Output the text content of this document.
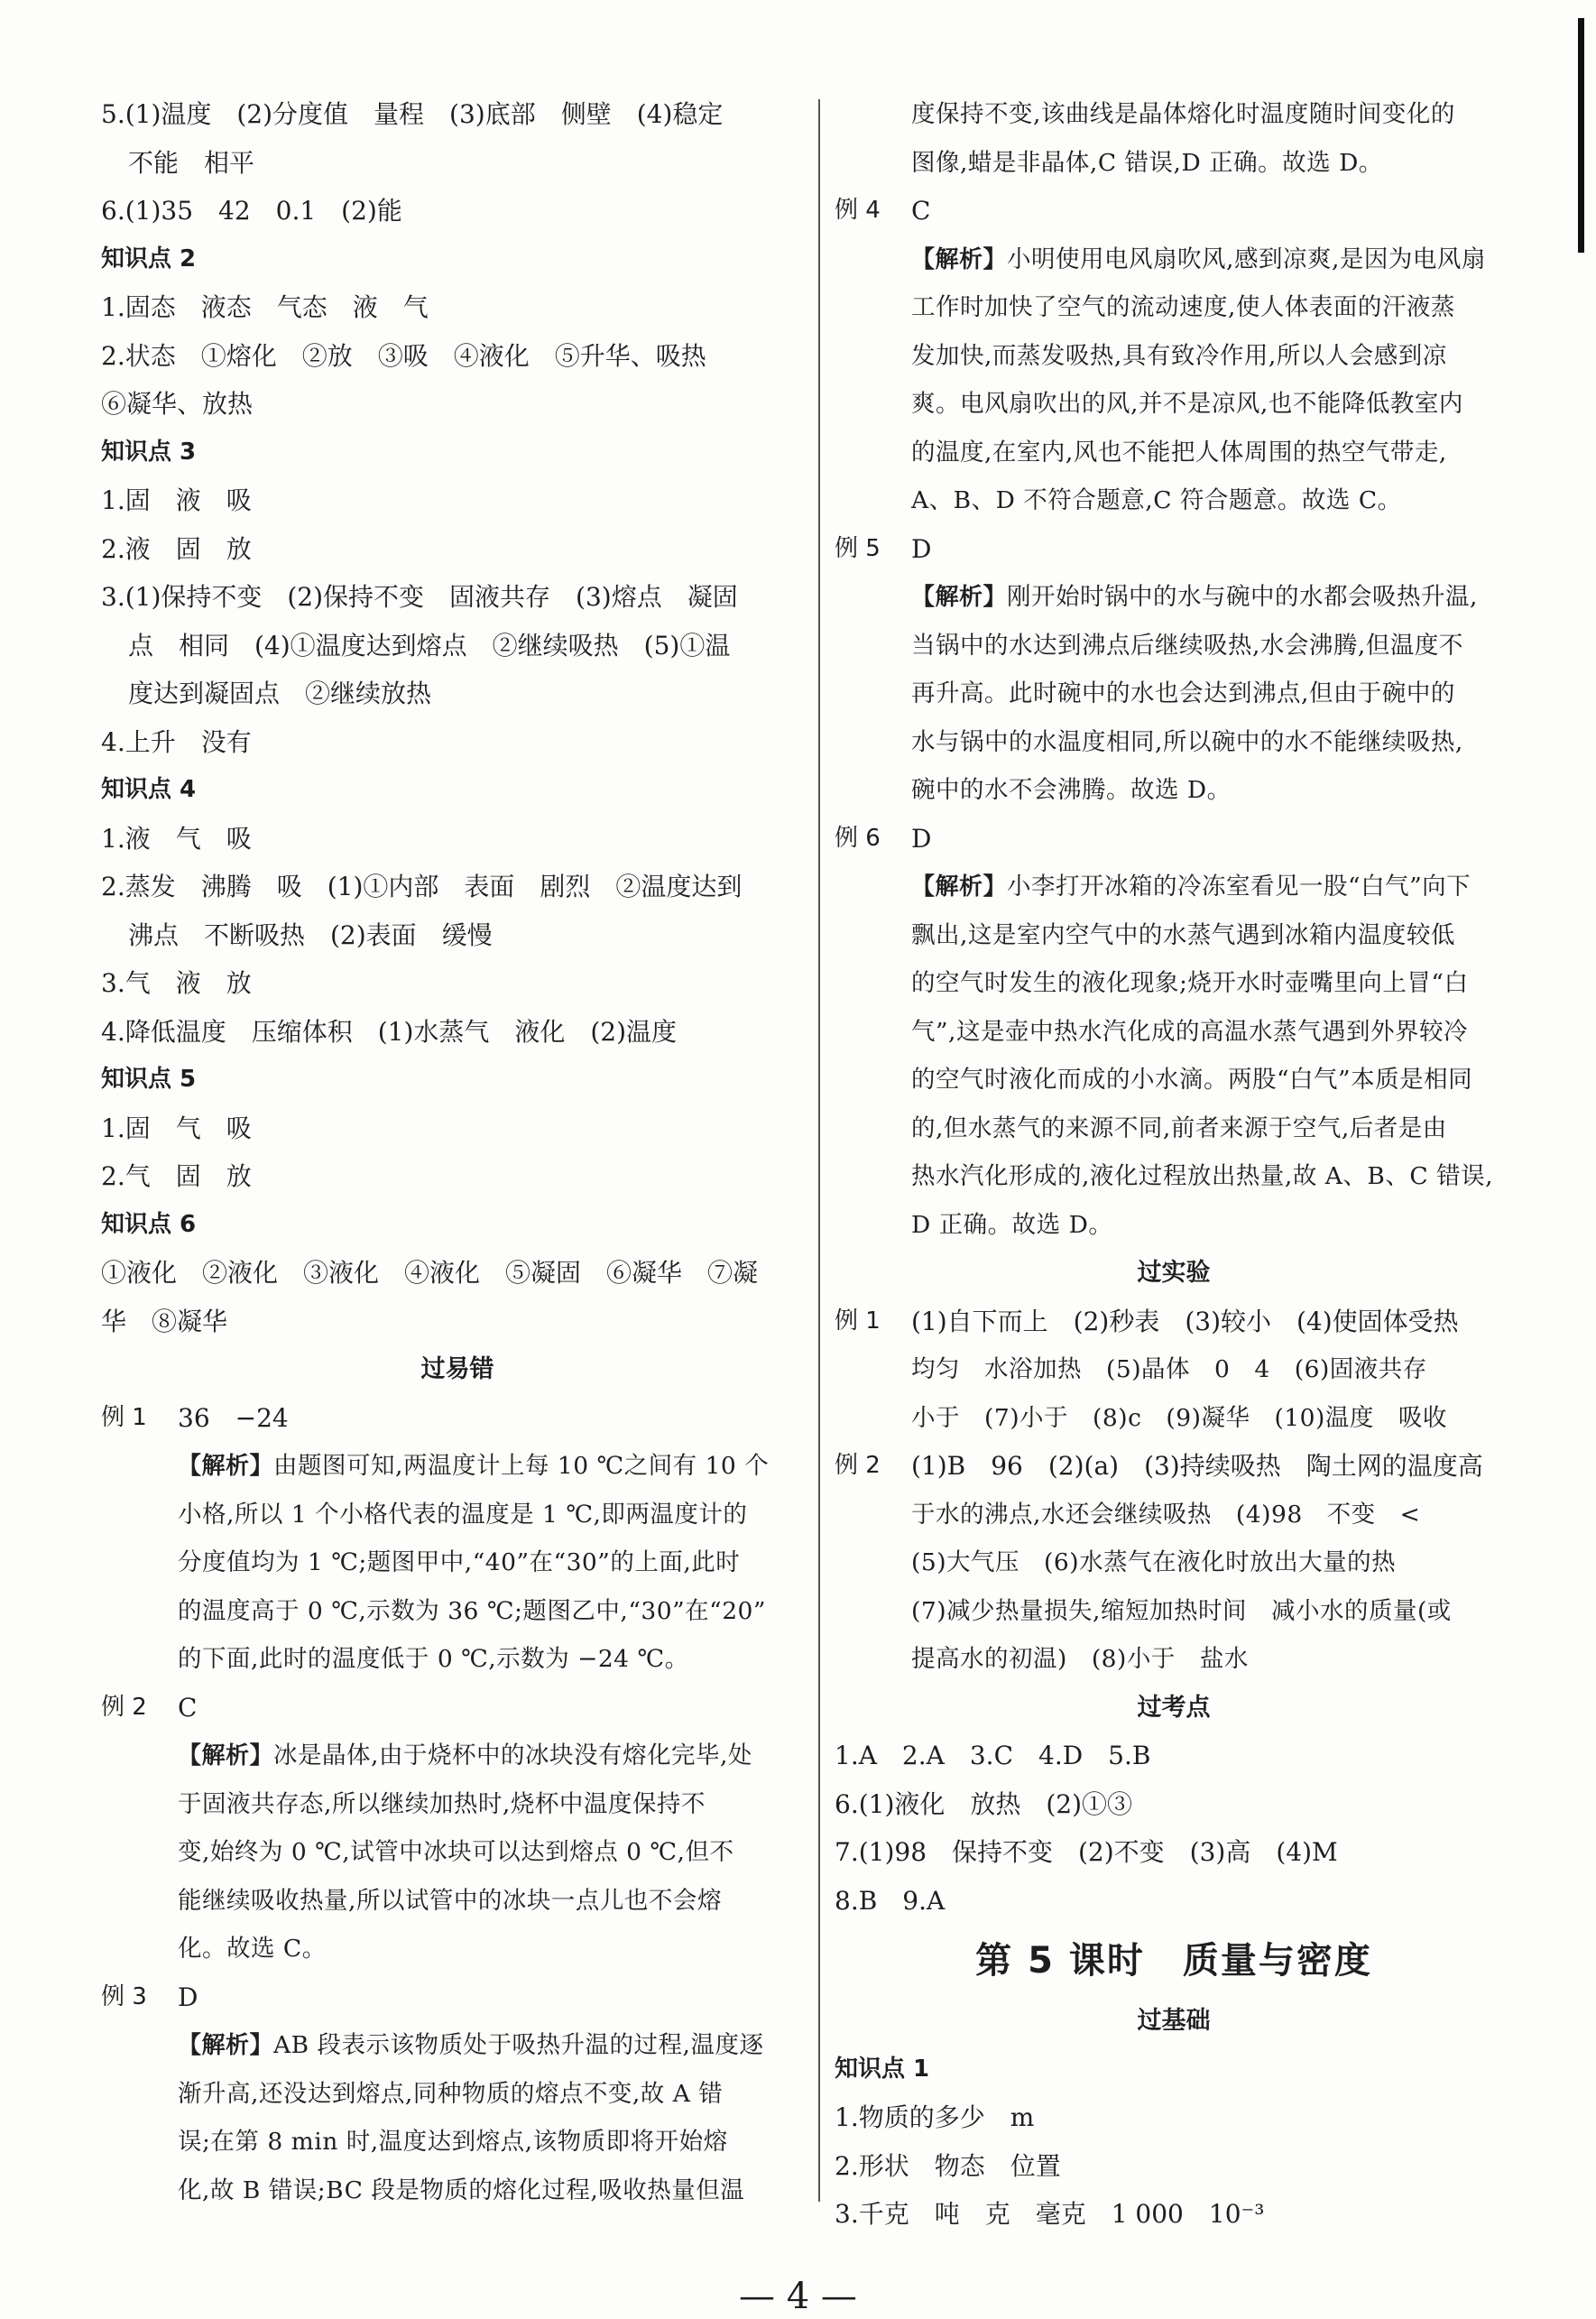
5.(1)温度　(2)分度值　量程　(3)底部　侧壁　(4)稳定
不能　相平
6.(1)35　42　0.1　(2)能
知识点 2
1.固态　液态　气态　液　气
2.状态　①熔化　②放　③吸　④液化　⑤升华、吸热
⑥凝华、放热
知识点 3
1.固　液　吸
2.液　固　放
3.(1)保持不变　(2)保持不变　固液共存　(3)熔点　凝固
点　相同　(4)①温度达到熔点　②继续吸热　(5)①温
度达到凝固点　②继续放热
4.上升　没有
知识点 4
1.液　气　吸
2.蒸发　沸腾　吸　(1)①内部　表面　剧烈　②温度达到
沸点　不断吸热　(2)表面　缓慢
3.气　液　放
4.降低温度　压缩体积　(1)水蒸气　液化　(2)温度
知识点 5
1.固　气　吸
2.气　固　放
知识点 6
①液化　②液化　③液化　④液化　⑤凝固　⑥凝华　⑦凝
华　⑧凝华
过易错
例 1	36　−24
【解析】由题图可知,两温度计上每 10 ℃之间有 10 个
小格,所以 1 个小格代表的温度是 1 ℃,即两温度计的
分度值均为 1 ℃;题图甲中,“40”在“30”的上面,此时
的温度高于 0 ℃,示数为 36 ℃;题图乙中,“30”在“20”
的下面,此时的温度低于 0 ℃,示数为 −24 ℃。
例 2	C
【解析】冰是晶体,由于烧杯中的冰块没有熔化完毕,处
于固液共存态,所以继续加热时,烧杯中温度保持不
变,始终为 0 ℃,试管中冰块可以达到熔点 0 ℃,但不
能继续吸收热量,所以试管中的冰块一点儿也不会熔
化。故选 C。
例 3	D
【解析】AB 段表示该物质处于吸热升温的过程,温度逐
渐升高,还没达到熔点,同种物质的熔点不变,故 A 错
误;在第 8 min 时,温度达到熔点,该物质即将开始熔
化,故 B 错误;BC 段是物质的熔化过程,吸收热量但温
度保持不变,该曲线是晶体熔化时温度随时间变化的
图像,蜡是非晶体,C 错误,D 正确。故选 D。
例 4	C
【解析】小明使用电风扇吹风,感到凉爽,是因为电风扇
工作时加快了空气的流动速度,使人体表面的汗液蒸
发加快,而蒸发吸热,具有致冷作用,所以人会感到凉
爽。电风扇吹出的风,并不是凉风,也不能降低教室内
的温度,在室内,风也不能把人体周围的热空气带走,
A、B、D 不符合题意,C 符合题意。故选 C。
例 5	D
【解析】刚开始时锅中的水与碗中的水都会吸热升温,
当锅中的水达到沸点后继续吸热,水会沸腾,但温度不
再升高。此时碗中的水也会达到沸点,但由于碗中的
水与锅中的水温度相同,所以碗中的水不能继续吸热,
碗中的水不会沸腾。故选 D。
例 6	D
【解析】小李打开冰箱的冷冻室看见一股“白气”向下
飘出,这是室内空气中的水蒸气遇到冰箱内温度较低
的空气时发生的液化现象;烧开水时壶嘴里向上冒“白
气”,这是壶中热水汽化成的高温水蒸气遇到外界较冷
的空气时液化而成的小水滴。两股“白气”本质是相同
的,但水蒸气的来源不同,前者来源于空气,后者是由
热水汽化形成的,液化过程放出热量,故 A、B、C 错误,
D 正确。故选 D。
过实验
例 1	(1)自下而上　(2)秒表　(3)较小　(4)使固体受热
均匀　水浴加热　(5)晶体　0　4　(6)固液共存
小于　(7)小于　(8)c　(9)凝华　(10)温度　吸收
例 2	(1)B　96　(2)(a)　(3)持续吸热　陶土网的温度高
于水的沸点,水还会继续吸热　(4)98　不变　<
(5)大气压　(6)水蒸气在液化时放出大量的热
(7)减少热量损失,缩短加热时间　减小水的质量(或
提高水的初温)　(8)小于　盐水
过考点
1.A　2.A　3.C　4.D　5.B
6.(1)液化　放热　(2)①③
7.(1)98　保持不变　(2)不变　(3)高　(4)M
8.B　9.A
第 5 课时　质量与密度
过基础
知识点 1
1.物质的多少　m
2.形状　物态　位置
3.千克　吨　克　毫克　1 000　10⁻³
— 4 —
